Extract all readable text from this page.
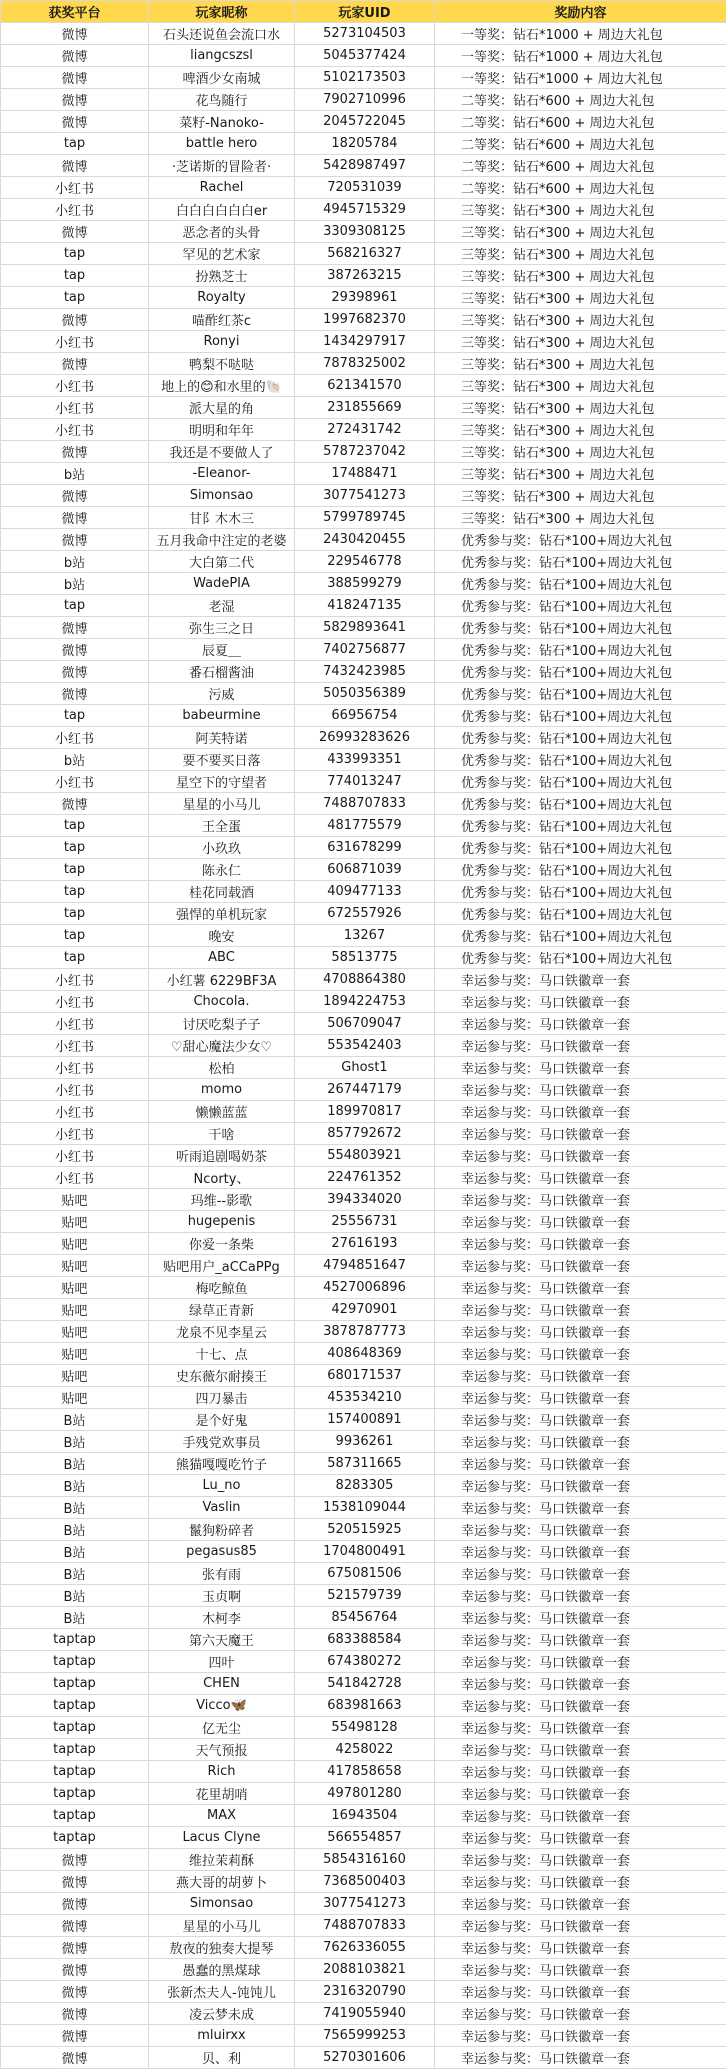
获奖平台	玩家昵称	玩家UID	奖励内容
微博	石头还说鱼会流口水	5273104503	一等奖：钻石*1000 + 周边大礼包
微博	liangcszsl	5045377424	一等奖：钻石*1000 + 周边大礼包
微博	啤酒少女南城	5102173503	一等奖：钻石*1000 + 周边大礼包
微博	花鸟随行	7902710996	二等奖：钻石*600 + 周边大礼包
微博	菜籽-Nanoko-	2045722045	二等奖：钻石*600 + 周边大礼包
tap	battle hero	18205784	二等奖：钻石*600 + 周边大礼包
微博	·芝诺斯的冒险者·	5428987497	二等奖：钻石*600 + 周边大礼包
小红书	Rachel	720531039	二等奖：钻石*600 + 周边大礼包
小红书	白白白白白白er	4945715329	三等奖：钻石*300 + 周边大礼包
微博	恶念者的头骨	3309308125	三等奖：钻石*300 + 周边大礼包
tap	罕见的艺术家	568216327	三等奖：钻石*300 + 周边大礼包
tap	扮熟芝士	387263215	三等奖：钻石*300 + 周边大礼包
tap	Royalty	29398961	三等奖：钻石*300 + 周边大礼包
微博	喵酢红茶c	1997682370	三等奖：钻石*300 + 周边大礼包
小红书	Ronyi	1434297917	三等奖：钻石*300 + 周边大礼包
微博	鸭梨不哒哒	7878325002	三等奖：钻石*300 + 周边大礼包
小红书	地上的😊和水里的🐚	621341570	三等奖：钻石*300 + 周边大礼包
小红书	派大星的角	231855669	三等奖：钻石*300 + 周边大礼包
小红书	明明和年年	272431742	三等奖：钻石*300 + 周边大礼包
微博	我还是不要做人了	5787237042	三等奖：钻石*300 + 周边大礼包
b站	-Eleanor-	17488471	三等奖：钻石*300 + 周边大礼包
微博	Simonsao	3077541273	三等奖：钻石*300 + 周边大礼包
微博	甘阝木木三	5799789745	三等奖：钻石*300 + 周边大礼包
微博	五月我命中注定的老婆	2430420455	优秀参与奖：钻石*100+周边大礼包
b站	大白第二代	229546778	优秀参与奖：钻石*100+周边大礼包
b站	WadePIA	388599279	优秀参与奖：钻石*100+周边大礼包
tap	老湿	418247135	优秀参与奖：钻石*100+周边大礼包
微博	弥生三之日	5829893641	优秀参与奖：钻石*100+周边大礼包
微博	辰夏＿	7402756877	优秀参与奖：钻石*100+周边大礼包
微博	番石榴酱油	7432423985	优秀参与奖：钻石*100+周边大礼包
微博	污威	5050356389	优秀参与奖：钻石*100+周边大礼包
tap	babeurmine	66956754	优秀参与奖：钻石*100+周边大礼包
小红书	阿芙特诺	26993283626	优秀参与奖：钻石*100+周边大礼包
b站	要不要买日落	433993351	优秀参与奖：钻石*100+周边大礼包
小红书	星空下的守望者	774013247	优秀参与奖：钻石*100+周边大礼包
微博	星星的小马儿	7488707833	优秀参与奖：钻石*100+周边大礼包
tap	王全蛋	481775579	优秀参与奖：钻石*100+周边大礼包
tap	小玖玖	631678299	优秀参与奖：钻石*100+周边大礼包
tap	陈永仁	606871039	优秀参与奖：钻石*100+周边大礼包
tap	桂花同载酒	409477133	优秀参与奖：钻石*100+周边大礼包
tap	强悍的单机玩家	672557926	优秀参与奖：钻石*100+周边大礼包
tap	晚安	13267	优秀参与奖：钻石*100+周边大礼包
tap	ABC	58513775	优秀参与奖：钻石*100+周边大礼包
小红书	小红薯 6229BF3A	4708864380	幸运参与奖：马口铁徽章一套
小红书	Chocola.	1894224753	幸运参与奖：马口铁徽章一套
小红书	讨厌吃梨子子	506709047	幸运参与奖：马口铁徽章一套
小红书	♡甜心魔法少女♡	553542403	幸运参与奖：马口铁徽章一套
小红书	松柏	Ghost1	幸运参与奖：马口铁徽章一套
小红书	momo	267447179	幸运参与奖：马口铁徽章一套
小红书	懒懒蓝蓝	189970817	幸运参与奖：马口铁徽章一套
小红书	干啥	857792672	幸运参与奖：马口铁徽章一套
小红书	听雨追剧喝奶茶	554803921	幸运参与奖：马口铁徽章一套
小红书	Ncorty、	224761352	幸运参与奖：马口铁徽章一套
贴吧	玛维--影歌	394334020	幸运参与奖：马口铁徽章一套
贴吧	hugepenis	25556731	幸运参与奖：马口铁徽章一套
贴吧	你爱一条柴	27616193	幸运参与奖：马口铁徽章一套
贴吧	贴吧用户_aCCaPPg	4794851647	幸运参与奖：马口铁徽章一套
贴吧	梅吃鲸鱼	4527006896	幸运参与奖：马口铁徽章一套
贴吧	绿草正青新	42970901	幸运参与奖：马口铁徽章一套
贴吧	龙泉不见李星云	3878787773	幸运参与奖：马口铁徽章一套
贴吧	十七、点	408648369	幸运参与奖：马口铁徽章一套
贴吧	史东薇尔耐揍王	680171537	幸运参与奖：马口铁徽章一套
贴吧	四刀暴击	453534210	幸运参与奖：马口铁徽章一套
B站	是个好鬼	157400891	幸运参与奖：马口铁徽章一套
B站	手残党欢事员	9936261	幸运参与奖：马口铁徽章一套
B站	熊猫嘎嘎吃竹子	587311665	幸运参与奖：马口铁徽章一套
B站	Lu_no	8283305	幸运参与奖：马口铁徽章一套
B站	Vaslin	1538109044	幸运参与奖：马口铁徽章一套
B站	鬣狗粉碎者	520515925	幸运参与奖：马口铁徽章一套
B站	pegasus85	1704800491	幸运参与奖：马口铁徽章一套
B站	张有雨	675081506	幸运参与奖：马口铁徽章一套
B站	玉贞啊	521579739	幸运参与奖：马口铁徽章一套
B站	木柯李	85456764	幸运参与奖：马口铁徽章一套
taptap	第六天魔王	683388584	幸运参与奖：马口铁徽章一套
taptap	四叶	674380272	幸运参与奖：马口铁徽章一套
taptap	CHEN	541842728	幸运参与奖：马口铁徽章一套
taptap	Vicco🦋	683981663	幸运参与奖：马口铁徽章一套
taptap	亿无尘	55498128	幸运参与奖：马口铁徽章一套
taptap	天气预报	4258022	幸运参与奖：马口铁徽章一套
taptap	Rich	417858658	幸运参与奖：马口铁徽章一套
taptap	花里胡哨	497801280	幸运参与奖：马口铁徽章一套
taptap	MAX	16943504	幸运参与奖：马口铁徽章一套
taptap	Lacus Clyne	566554857	幸运参与奖：马口铁徽章一套
微博	维拉茉莉酥	5854316160	幸运参与奖：马口铁徽章一套
微博	燕大哥的胡萝卜	7368500403	幸运参与奖：马口铁徽章一套
微博	Simonsao	3077541273	幸运参与奖：马口铁徽章一套
微博	星星的小马儿	7488707833	幸运参与奖：马口铁徽章一套
微博	敖夜的独奏大提琴	7626336055	幸运参与奖：马口铁徽章一套
微博	愚蠢的黑煤球	2088103821	幸运参与奖：马口铁徽章一套
微博	张新杰夫人-饨饨儿	2316320790	幸运参与奖：马口铁徽章一套
微博	凌云梦未成	7419055940	幸运参与奖：马口铁徽章一套
微博	mluirxx	7565999253	幸运参与奖：马口铁徽章一套
微博	贝、利	5270301606	幸运参与奖：马口铁徽章一套
